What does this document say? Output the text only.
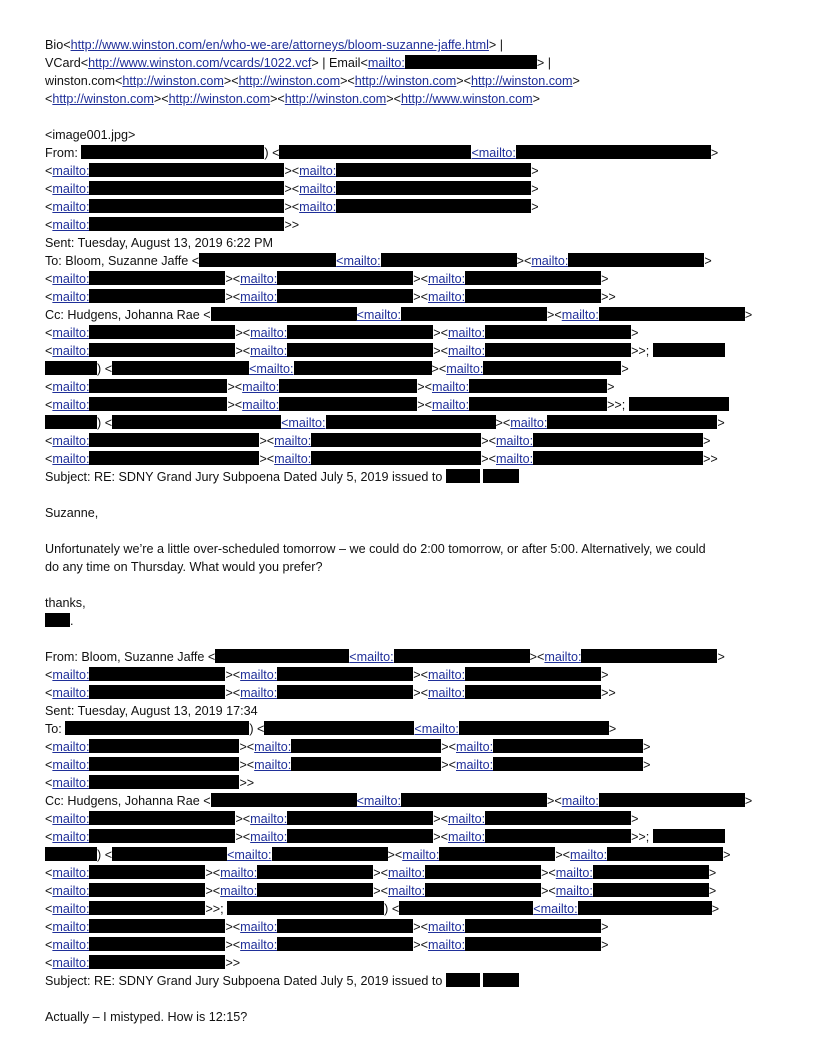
Bio<http://www.winston.com/en/who-we-are/attorneys/bloom-suzanne-jaffe.html> |
VCard<http://www.winston.com/vcards/1022.vcf> | Email<mailto:	> |
winston.com<http://winston.com><http://winston.com><http://winston.com><http://winston.com>
<http://winston.com><http://winston.com><http://winston.com><http://www.winston.com>
<image001.jpg>
From:	) <	<mailto:	>
<mailto:	><mailto:	>
<mailto:	><mailto:	>
<mailto:	><mailto:	>
<mailto:	>>
Sent: Tuesday, August 13, 2019 6:22 PM
To: Bloom, Suzanne Jaffe <	<mailto:	><mailto:	>
<mailto:	><mailto:	><mailto:	>
<mailto:	><mailto:	><mailto:	>>
Cc: Hudgens, Johanna Rae <	<mailto:	><mailto:	>
<mailto:	><mailto:	><mailto:	>
<mailto:	><mailto:	><mailto:	>>;
) <	<mailto:	><mailto:	>
<mailto:	><mailto:	><mailto:	>
<mailto:	><mailto:	><mailto:	>>;
) <	<mailto:	><mailto:	>
<mailto:	><mailto:	><mailto:	>
<mailto:	><mailto:	><mailto:	>>
Subject: RE: SDNY Grand Jury Subpoena Dated July 5, 2019 issued to
Suzanne,
Unfortunately we’re a little over-scheduled tomorrow – we could do 2:00 tomorrow, or after 5:00. Alternatively, we could
do any time on Thursday. What would you prefer?
thanks,
.
From: Bloom, Suzanne Jaffe <	<mailto:	><mailto:	>
<mailto:	><mailto:	><mailto:	>
<mailto:	><mailto:	><mailto:	>>
Sent: Tuesday, August 13, 2019 17:34
To:	) <	<mailto:	>
<mailto:	><mailto:	><mailto:	>
<mailto:	><mailto:	><mailto:	>
<mailto:	>>
Cc: Hudgens, Johanna Rae <	<mailto:	><mailto:	>
<mailto:	><mailto:	><mailto:	>
<mailto:	><mailto:	><mailto:	>>;
) <	<mailto:	><mailto:	><mailto:	>
<mailto:	><mailto:	><mailto:	><mailto:	>
<mailto:	><mailto:	><mailto:	><mailto:	>
<mailto:	>>;	) <	<mailto:	>
<mailto:	><mailto:	><mailto:	>
<mailto:	><mailto:	><mailto:	>
<mailto:	>>
Subject: RE: SDNY Grand Jury Subpoena Dated July 5, 2019 issued to
Actually – I mistyped. How is 12:15?
